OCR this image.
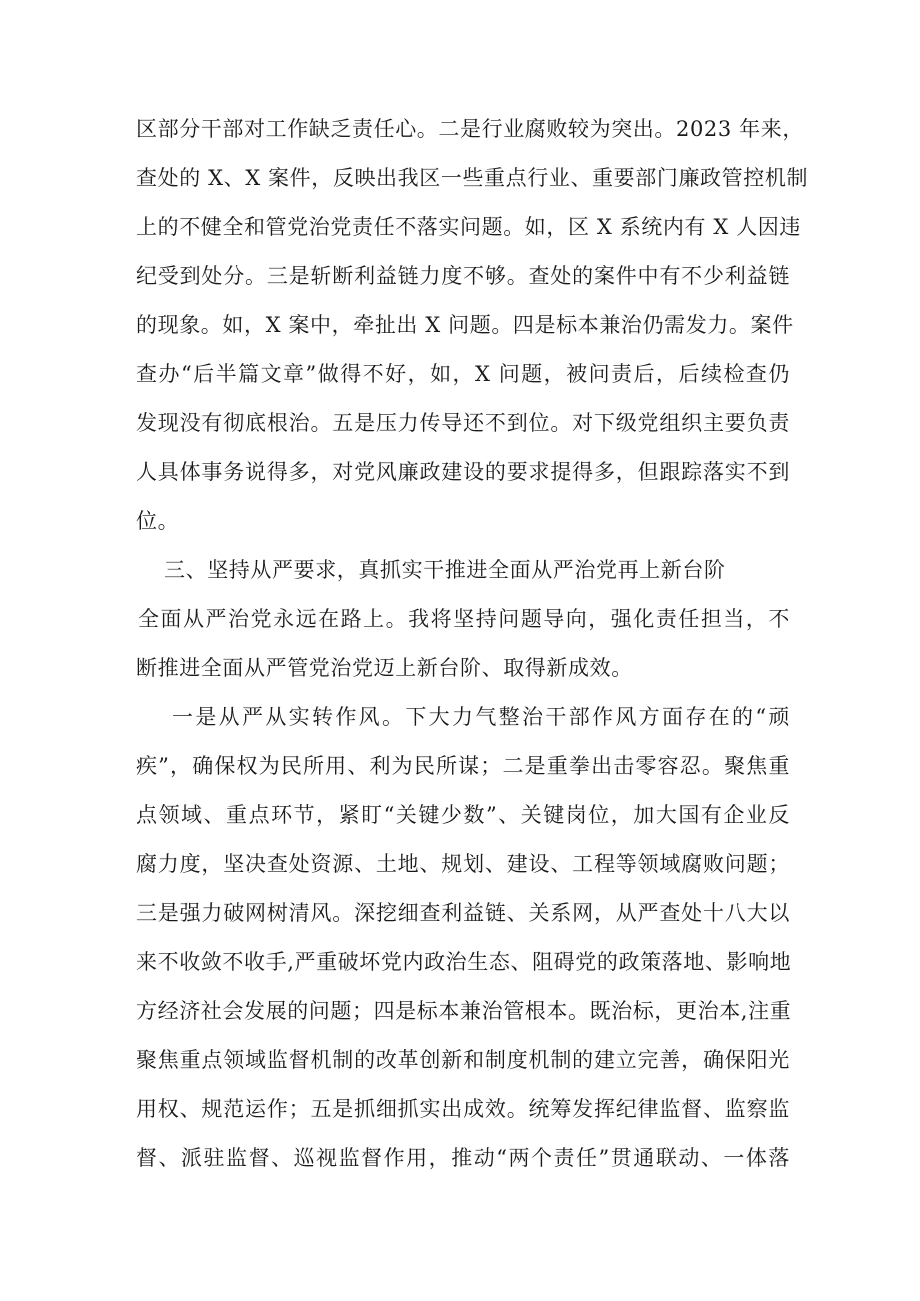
区部分干部对工作缺乏责任心。二是行业腐败较为突出。2023 年来，
查处的 X、X 案件，反映出我区一些重点行业、重要部门廉政管控机制
上的不健全和管党治党责任不落实问题。如，区 X 系统内有 X 人因违
纪受到处分。三是斩断利益链力度不够。查处的案件中有不少利益链
的现象。如，X 案中，牵扯出 X 问题。四是标本兼治仍需发力。案件
查办“后半篇文章”做得不好，如，X 问题，被问责后，后续检查仍
发现没有彻底根治。五是压力传导还不到位。对下级党组织主要负责
人具体事务说得多，对党风廉政建设的要求提得多，但跟踪落实不到
位。
三、坚持从严要求，真抓实干推进全面从严治党再上新台阶
全面从严治党永远在路上。我将坚持问题导向，强化责任担当，不
断推进全面从严管党治党迈上新台阶、取得新成效。
一是从严从实转作风。下大力气整治干部作风方面存在的“顽
疾”，确保权为民所用、利为民所谋；二是重拳出击零容忍。聚焦重
点领域、重点环节，紧盯“关键少数”、关键岗位，加大国有企业反
腐力度，坚决查处资源、土地、规划、建设、工程等领域腐败问题；
三是强力破网树清风。深挖细查利益链、关系网，从严查处十八大以
来不收敛不收手,严重破坏党内政治生态、阻碍党的政策落地、影响地
方经济社会发展的问题；四是标本兼治管根本。既治标，更治本,注重
聚焦重点领域监督机制的改革创新和制度机制的建立完善，确保阳光
用权、规范运作；五是抓细抓实出成效。统筹发挥纪律监督、监察监
督、派驻监督、巡视监督作用，推动“两个责任”贯通联动、一体落
